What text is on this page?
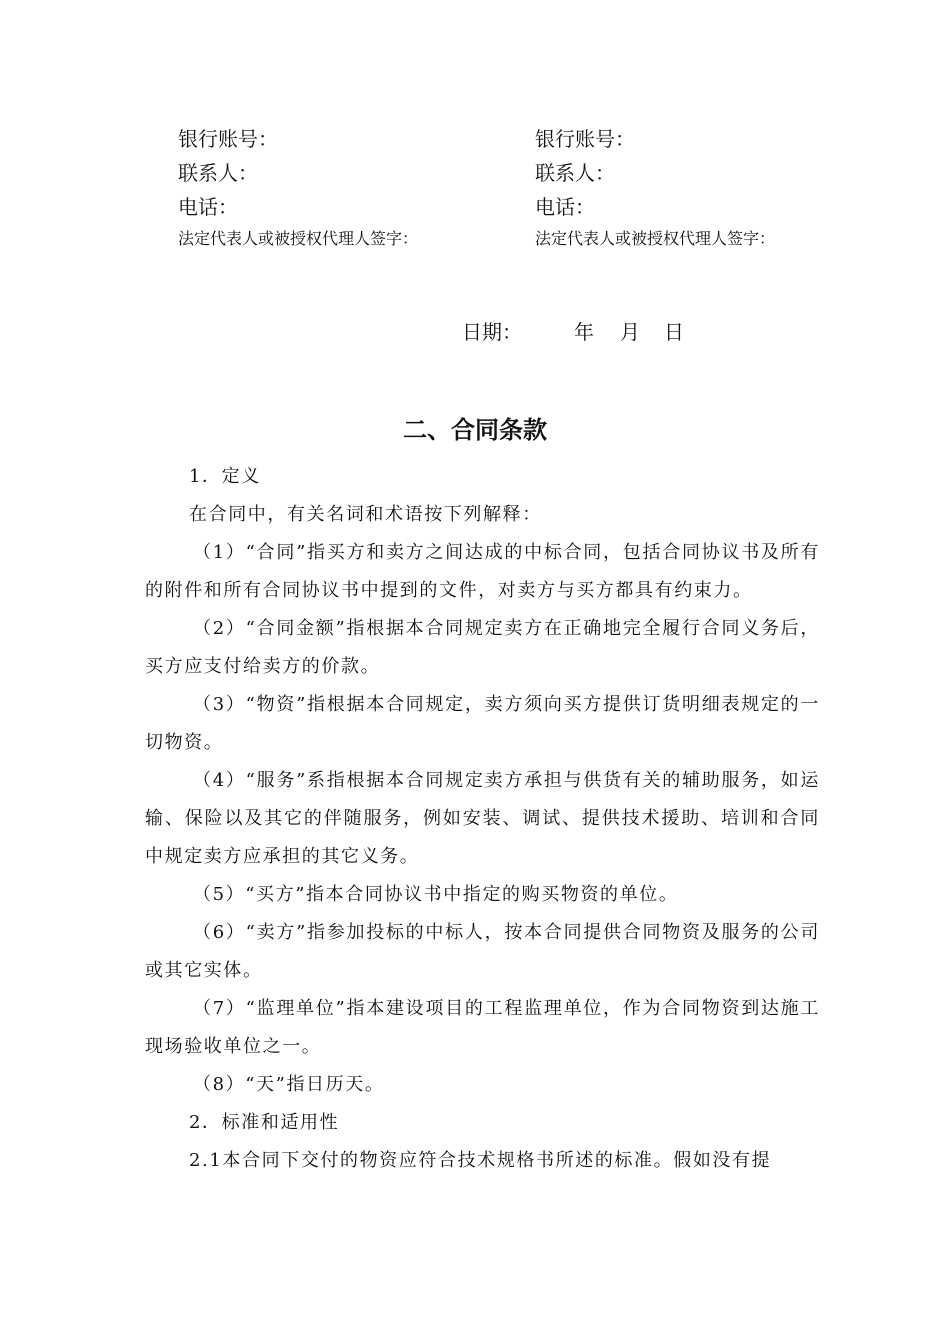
银行账号：
联系人：
电话：
法定代表人或被授权代理人签字：
银行账号：
联系人：
电话：
法定代表人或被授权代理人签字：
日期：	年 月 日
二、合同条款

1．定义

在合同中，有关名词和术语按下列解释：

（1）“合同”指买方和卖方之间达成的中标合同，包括合同协议书及所有的附件和所有合同协议书中提到的文件，对卖方与买方都具有约束力。

（2）“合同金额”指根据本合同规定卖方在正确地完全履行合同义务后，买方应支付给卖方的价款。

（3）“物资”指根据本合同规定，卖方须向买方提供订货明细表规定的一切物资。

（4）“服务”系指根据本合同规定卖方承担与供货有关的辅助服务，如运输、保险以及其它的伴随服务，例如安装、调试、提供技术援助、培训和合同中规定卖方应承担的其它义务。

（5）“买方”指本合同协议书中指定的购买物资的单位。

（6）“卖方”指参加投标的中标人，按本合同提供合同物资及服务的公司或其它实体。

（7）“监理单位”指本建设项目的工程监理单位，作为合同物资到达施工现场验收单位之一。

（8）“天”指日历天。

2．标准和适用性

2.1本合同下交付的物资应符合技术规格书所述的标准。假如没有提
